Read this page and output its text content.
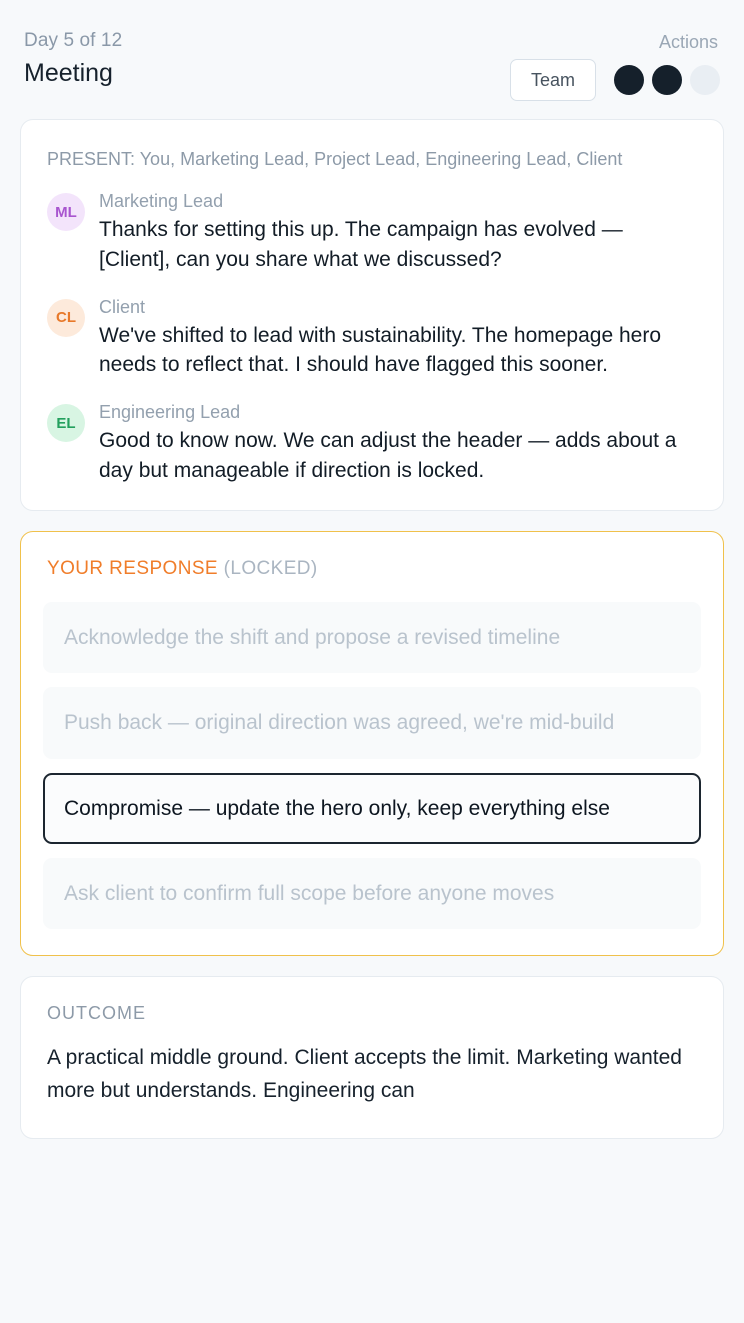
Day 5 of 12
Meeting
Actions
Team
PRESENT: You, Marketing Lead, Project Lead, Engineering Lead, Client
ML
Marketing Lead
Thanks for setting this up. The campaign has evolved — [Client], can you share what we discussed?
CL
Client
We've shifted to lead with sustainability. The homepage hero needs to reflect that. I should have flagged this sooner.
EL
Engineering Lead
Good to know now. We can adjust the header — adds about a day but manageable if direction is locked.
YOUR RESPONSE (LOCKED)
Acknowledge the shift and propose a revised timeline
Push back — original direction was agreed, we're mid-build
Compromise — update the hero only, keep everything else
Ask client to confirm full scope before anyone moves
OUTCOME
A practical middle ground. Client accepts the limit. Marketing wanted more but understands. Engineering can
